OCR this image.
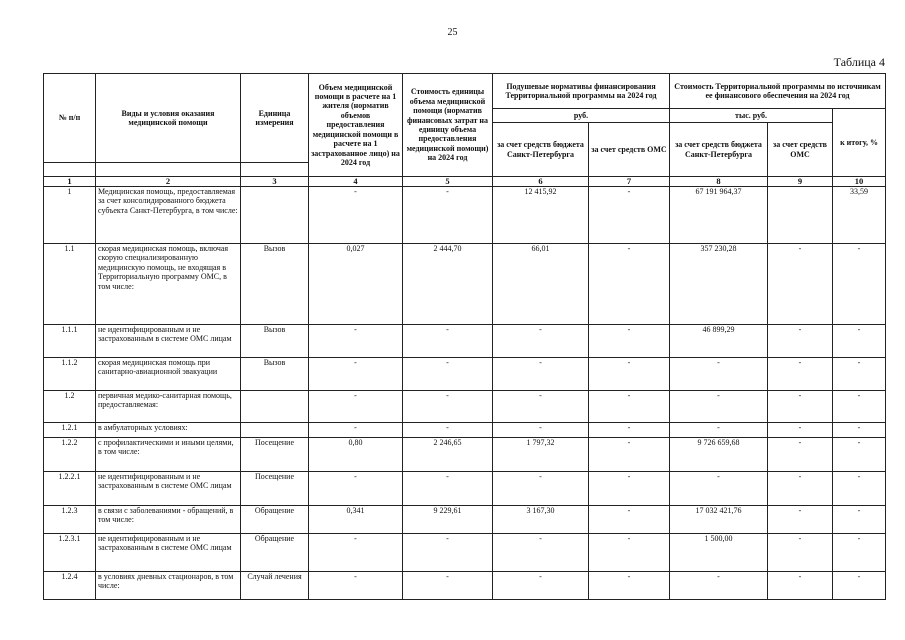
25
Таблица 4
№ п/п	Виды и условия оказания медицинской помощи	Единица измерения	Объем медицинской помощи в расчете на 1 жителя (норматив объемов предоставления медицинской помощи в расчете на 1 застрахованное лицо) на 2024 год	Стоимость единицы объема медицинской помощи (норматив финансовых затрат на единицу объема предоставления медицинской помощи) на 2024 год	Подушевые нормативы финансирования Территориальной программы на 2024 год		Стоимость Территориальной программы по источникам ее финансового обеспечения на 2024 год		
					руб.		тыс. руб.		к итогу, %
					за счет средств бюджета Санкт-Петербурга	за счет средств ОМС	за счет средств бюджета Санкт-Петербурга	за счет средств ОМС	

1	2	3	4	5	6	7	8	9	10
1	Медицинская помощь, предоставляемая за счет консолидированного бюджета субъекта Санкт-Петербурга, в том числе:		-	-	12 415,92	-	67 191 964,37		33,59
1.1	скорая медицинская помощь, включая скорую специализированную медицинскую помощь, не входящая в Территориальную программу ОМС, в том числе:	Вызов	0,027	2 444,70	66,01	-	357 230,28	-	-
1.1.1	не идентифицированным и не застрахованным в системе ОМС лицам	Вызов	-	-	-	-	46 899,29	-	-
1.1.2	скорая медицинская помощь при санитарно-авиационной эвакуации	Вызов	-	-	-	-	-	-	-
1.2	первичная медико-санитарная помощь, предоставляемая:		-	-	-	-	-	-	-
1.2.1	в амбулаторных условиях:		-	-	-	-	-	-	-
1.2.2	с профилактическими и иными целями, в том числе:	Посещение	0,80	2 246,65	1 797,32	-	9 726 659,68	-	-
1.2.2.1	не идентифицированным и не застрахованным в системе ОМС лицам	Посещение	-	-	-	-	-	-	-
1.2.3	в связи с заболеваниями - обращений, в том числе:	Обращение	0,341	9 229,61	3 167,30	-	17 032 421,76	-	-
1.2.3.1	не идентифицированным и не застрахованным в системе ОМС лицам	Обращение	-	-	-	-	1 500,00	-	-
1.2.4	в условиях дневных стационаров, в том числе:	Случай лечения	-	-	-	-	-	-	-
